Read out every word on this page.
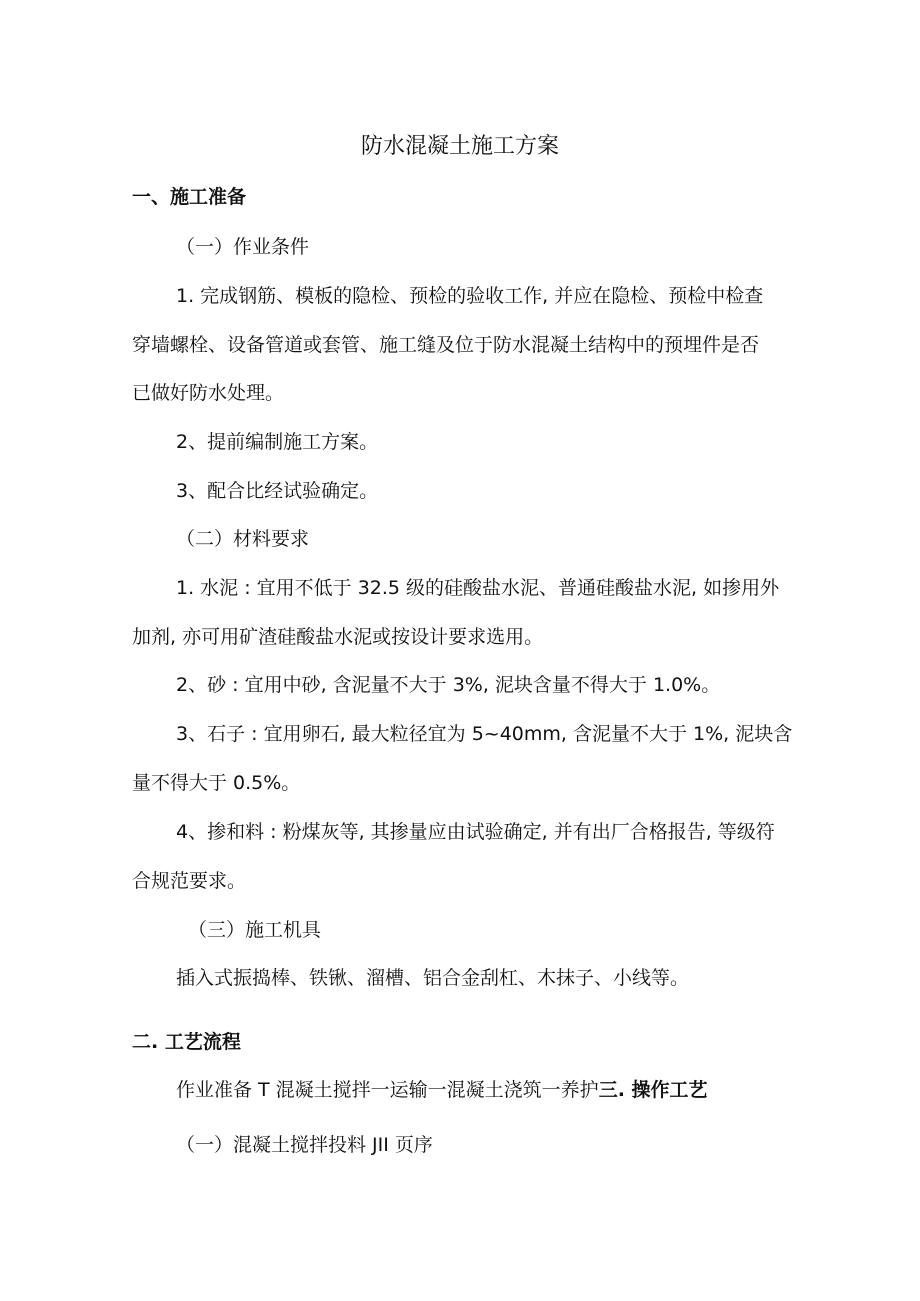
防水混凝土施工方案
一、施工准备
（一）作业条件
1. 完成钢筋、模板的隐检、预检的验收工作, 并应在隐检、预检中检查
穿墙螺栓、设备管道或套管、施工缝及位于防水混凝土结构中的预埋件是否
已做好防水处理。
2、提前编制施工方案。
3、配合比经试验确定。
（二）材料要求
1. 水泥 : 宜用不低于 32.5 级的硅酸盐水泥、普通硅酸盐水泥, 如掺用外
加剂, 亦可用矿渣硅酸盐水泥或按设计要求选用。
2、砂 : 宜用中砂, 含泥量不大于 3%, 泥块含量不得大于 1.0%。
3、石子 : 宜用卵石, 最大粒径宜为 5~40mm, 含泥量不大于 1%, 泥块含
量不得大于 0.5%。
4、掺和料 : 粉煤灰等, 其掺量应由试验确定, 并有出厂合格报告, 等级符
合规范要求。
（三）施工机具
插入式振捣棒、铁锹、溜槽、铝合金刮杠、木抹子、小线等。
二. 工艺流程
作业准备 T 混凝土搅拌一运输一混凝土浇筑一养护三. 操作工艺
（一）混凝土搅拌投料 JII 页序
